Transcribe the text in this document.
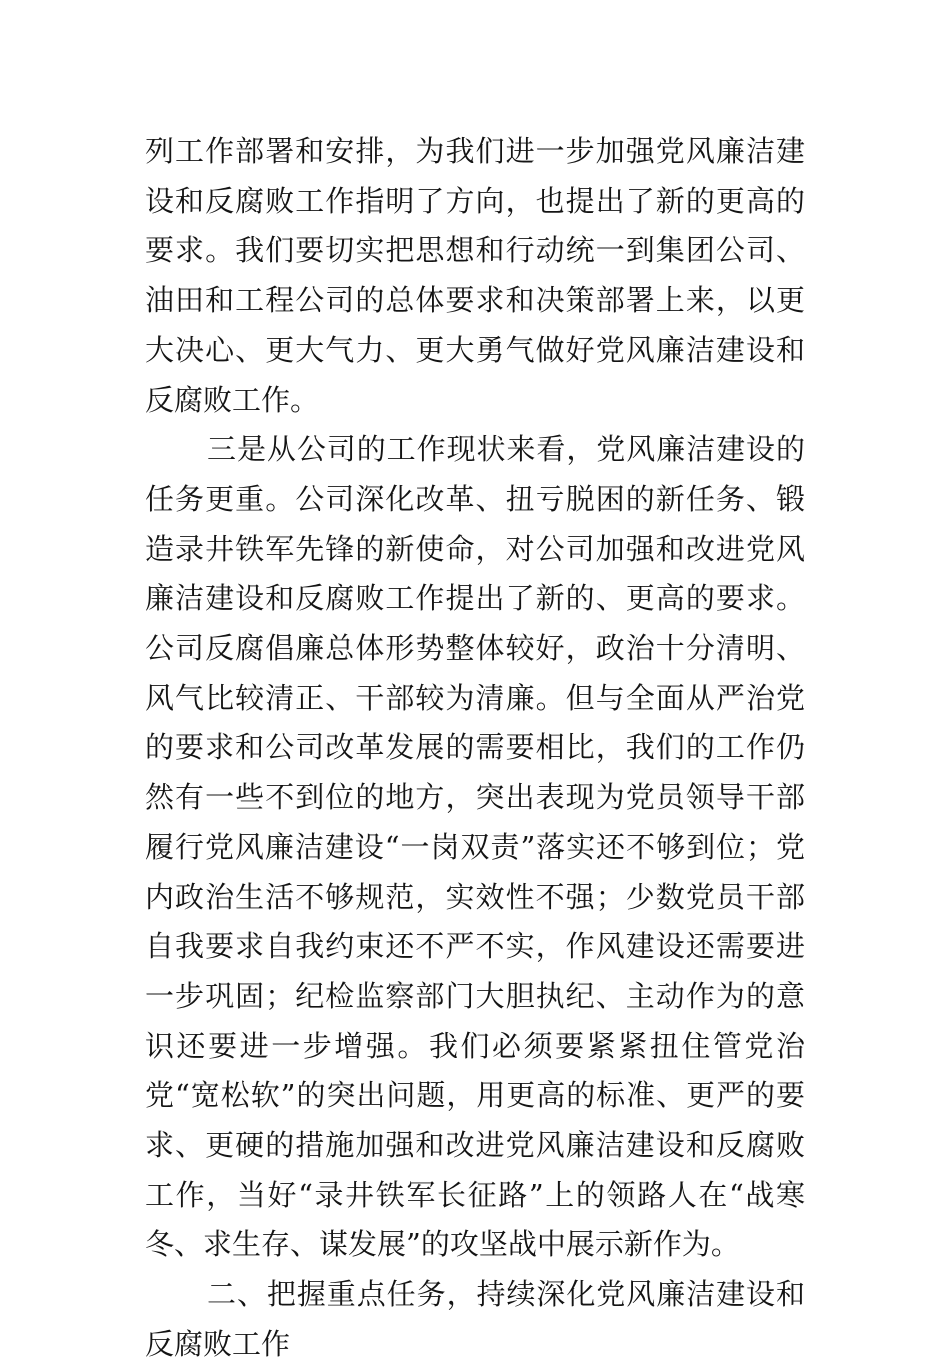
列工作部署和安排，为我们进一步加强党风廉洁建设和反腐败工作指明了方向，也提出了新的更高的要求。我们要切实把思想和行动统一到集团公司、油田和工程公司的总体要求和决策部署上来，以更大决心、更大气力、更大勇气做好党风廉洁建设和反腐败工作。

三是从公司的工作现状来看，党风廉洁建设的任务更重。公司深化改革、扭亏脱困的新任务、锻造录井铁军先锋的新使命，对公司加强和改进党风廉洁建设和反腐败工作提出了新的、更高的要求。公司反腐倡廉总体形势整体较好，政治十分清明、风气比较清正、干部较为清廉。但与全面从严治党的要求和公司改革发展的需要相比，我们的工作仍然有一些不到位的地方，突出表现为党员领导干部履行党风廉洁建设“一岗双责”落实还不够到位；党内政治生活不够规范，实效性不强；少数党员干部自我要求自我约束还不严不实，作风建设还需要进一步巩固；纪检监察部门大胆执纪、主动作为的意识还要进一步增强。我们必须要紧紧扭住管党治党“宽松软”的突出问题，用更高的标准、更严的要求、更硬的措施加强和改进党风廉洁建设和反腐败工作，当好“录井铁军长征路”上的领路人在“战寒冬、求生存、谋发展”的攻坚战中展示新作为。

二、把握重点任务，持续深化党风廉洁建设和反腐败工作
